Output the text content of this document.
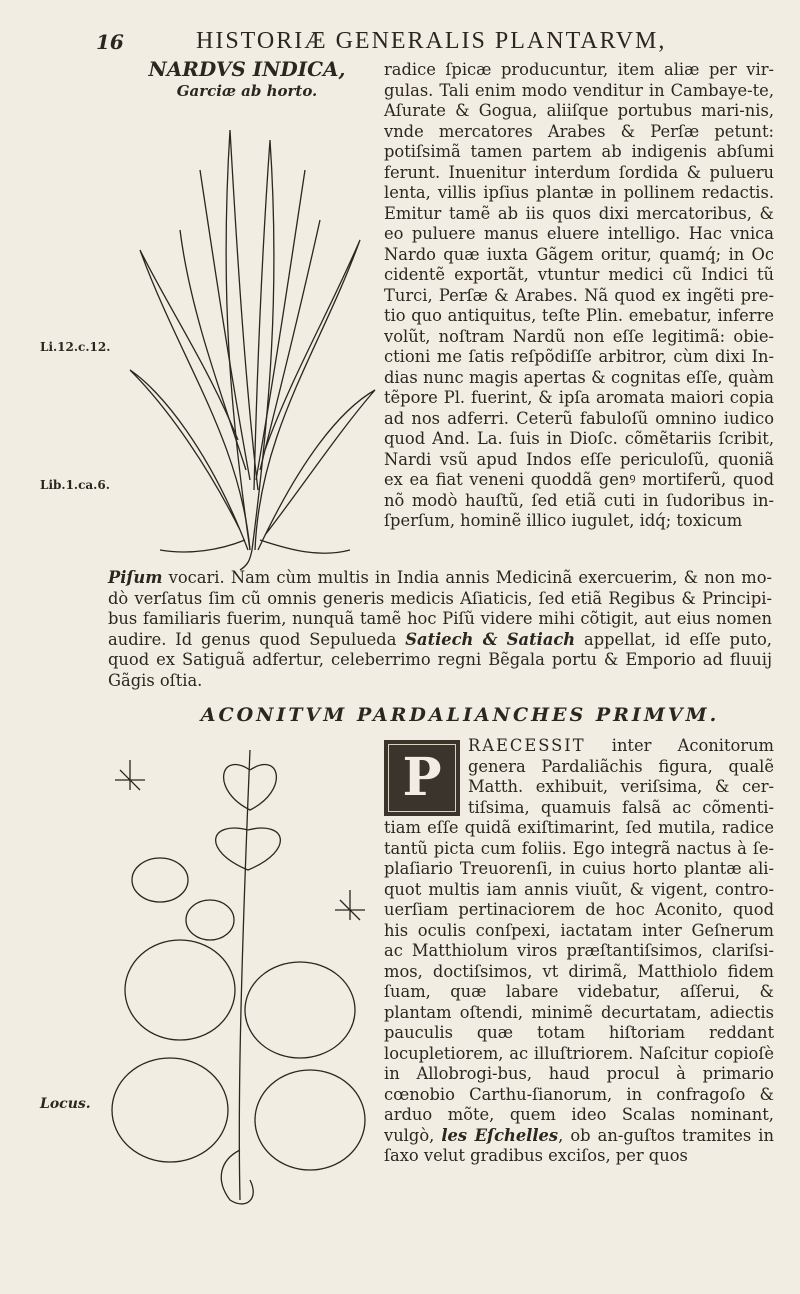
16	HISTORIÆ GENERALIS PLANTARVM,
NARDVS INDICA,
Garciæ ab horto.
Li.12.c.12.
Lib.1.ca.6.
Locus.

radice ſpicæ producuntur, item aliæ per vir-gulas. Tali enim modo venditur in Cambaye-te, Aſurate & Gogua, aliiſque portubus mari-nis, vnde mercatores Arabes & Perſæ petunt: potiſsimã tamen partem ab indigenis abſumi ferunt. Inuenitur interdum ſordida & puluеru lenta, villis ipſius plantæ in pollinem redactis. Emitur tamẽ ab iis quos dixi mercatoribus, & eo puluere manus eluere intelligo. Hac vnica Nardo quæ iuxta Gãgem oritur, quamq́; in Oc cidentẽ exportãt, vtuntur medici cũ Indici tũ Turci, Perſæ & Arabes. Nã quod ex ingẽti pre-tio quo antiquitus, teſte Plin. emebatur, inferre volũt, noſtram Nardũ non eſſe legitimã: obie-ctioni me ſatis reſpõdiſſe arbitror, cùm dixi In-dias nunc magis apertas & cognitas eſſe, quàm tẽpore Pl. fuerint, & ipſa aromata maiori copia ad nos adferri. Ceterũ fabuloſũ omnino iudico quod And. La. ſuis in Dioſc. cõmẽtariis ſcribit, Nardi vsũ apud Indos eſſe periculoſũ, quoniã ex ea fiat veneni quoddã genꝰ mortiferũ, quod nõ modò hauſtũ, ſed etiã cuti in ſudoribus in-ſperſum, hominẽ illico iugulet, idq́; toxicum

Piſum vocari. Nam cùm multis in India annis Medicinã exercuerim, & non mo-dò verſatus ſim cũ omnis generis medicis Aſiaticis, ſed etiã Regibus & Principi-bus familiaris fuerim, nunquã tamẽ hoc Piſũ videre mihi cõtigit, aut eius nomen audire. Id genus quod Sepulueda Satiech & Satiach appellat, id eſſe puto, quod ex Satiguã adfertur, celeberrimo regni Bẽgala portu & Emporio ad fluuij Gãgis oſtia.

ACONITVM PARDALIANCHES PRIMVM.

P
RAECESSIT inter Aconitorum genera Pardaliãchis figura, qualẽ Matth. exhibuit, veriſsima, & cer-tiſsima, quamuis falsã ac cõmenti-tiam eſſe quidã exiſtimarint, ſed mutila, radice tantũ picta cum foliis. Ego integrã nactus à ſe-plaſiario Treuorenſi, in cuius horto plantæ ali-quot multis iam annis viuũt, & vigent, contro-uerſiam pertinaciorem de hoc Aconito, quod his oculis conſpexi, iactatam inter Geſnerum ac Matthiolum viros præſtantiſsimos, clariſsi-mos, doctiſsimos, vt dirimã, Matthiolo fidem ſuam, quæ labare videbatur, aſſerui, & plantam oſtendi, minimẽ decurtatam, adiectis pauculis quæ totam hiſtoriam reddant locupletiorem, ac illuſtriorem. Naſcitur copioſè in Allobrogi-bus, haud procul à primario cœnobio Carthu-ſianorum, in confragoſo & arduo mõte, quem ideo Scalas nominant, vulgò, les Eſchelles, ob an-guſtos tramites in ſaxo velut gradibus exciſos, per quos
